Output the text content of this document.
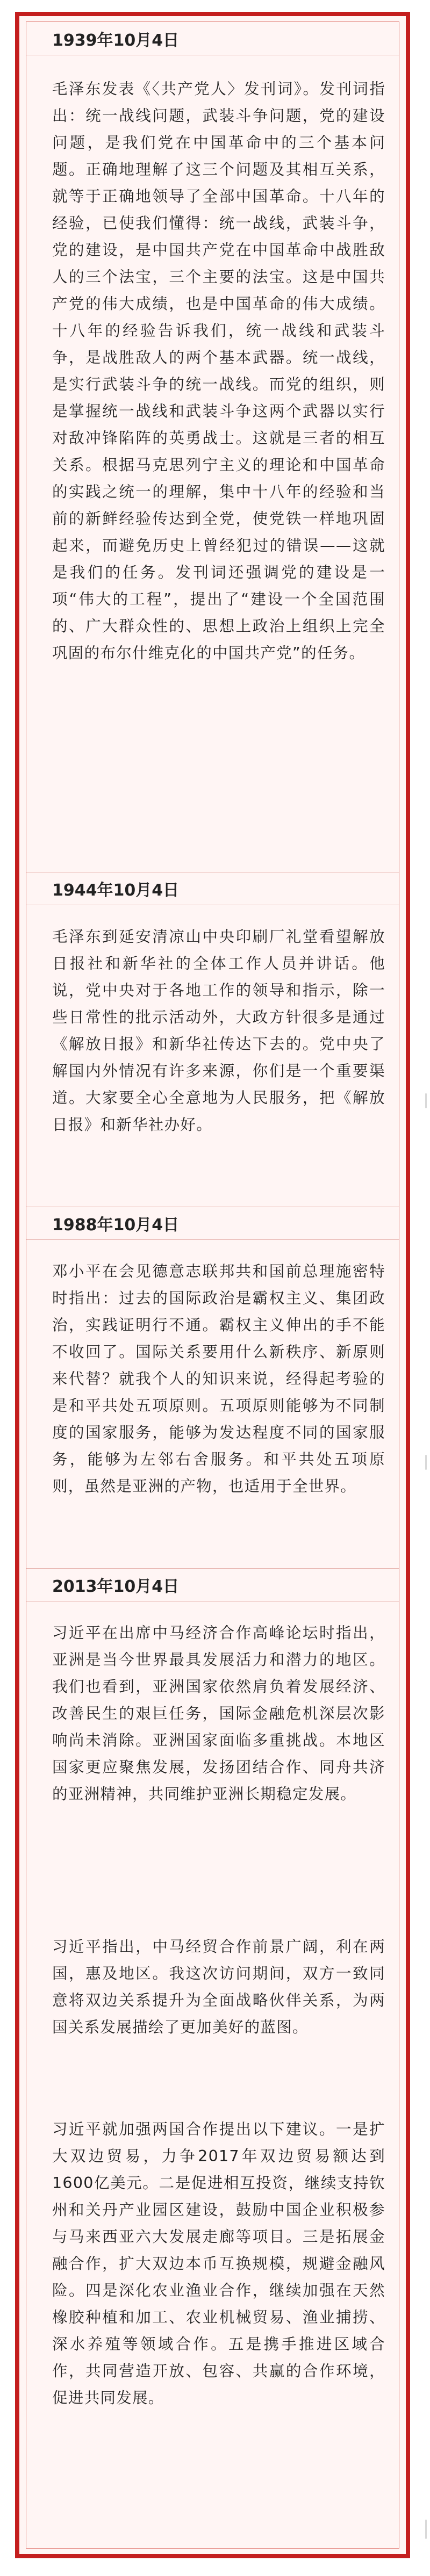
1939年10月4日

毛泽东发表《〈共产党人〉发刊词》。发刊词指出：统一战线问题，武装斗争问题，党的建设问题，是我们党在中国革命中的三个基本问题。正确地理解了这三个问题及其相互关系，就等于正确地领导了全部中国革命。十八年的经验，已使我们懂得：统一战线，武装斗争，党的建设，是中国共产党在中国革命中战胜敌人的三个法宝，三个主要的法宝。这是中国共产党的伟大成绩，也是中国革命的伟大成绩。十八年的经验告诉我们，统一战线和武装斗争，是战胜敌人的两个基本武器。统一战线，是实行武装斗争的统一战线。而党的组织，则是掌握统一战线和武装斗争这两个武器以实行对敌冲锋陷阵的英勇战士。这就是三者的相互关系。根据马克思列宁主义的理论和中国革命的实践之统一的理解，集中十八年的经验和当前的新鲜经验传达到全党，使党铁一样地巩固起来，而避免历史上曾经犯过的错误——这就是我们的任务。发刊词还强调党的建设是一项“伟大的工程”，提出了“建设一个全国范围的、广大群众性的、思想上政治上组织上完全巩固的布尔什维克化的中国共产党”的任务。

1944年10月4日

毛泽东到延安清凉山中央印刷厂礼堂看望解放日报社和新华社的全体工作人员并讲话。他说，党中央对于各地工作的领导和指示，除一些日常性的批示活动外，大政方针很多是通过《解放日报》和新华社传达下去的。党中央了解国内外情况有许多来源，你们是一个重要渠道。大家要全心全意地为人民服务，把《解放日报》和新华社办好。

1988年10月4日

邓小平在会见德意志联邦共和国前总理施密特时指出：过去的国际政治是霸权主义、集团政治，实践证明行不通。霸权主义伸出的手不能不收回了。国际关系要用什么新秩序、新原则来代替？就我个人的知识来说，经得起考验的是和平共处五项原则。五项原则能够为不同制度的国家服务，能够为发达程度不同的国家服务，能够为左邻右舍服务。和平共处五项原则，虽然是亚洲的产物，也适用于全世界。

2013年10月4日

习近平在出席中马经济合作高峰论坛时指出，亚洲是当今世界最具发展活力和潜力的地区。我们也看到，亚洲国家依然肩负着发展经济、改善民生的艰巨任务，国际金融危机深层次影响尚未消除。亚洲国家面临多重挑战。本地区国家更应聚焦发展，发扬团结合作、同舟共济的亚洲精神，共同维护亚洲长期稳定发展。

习近平指出，中马经贸合作前景广阔，利在两国，惠及地区。我这次访问期间，双方一致同意将双边关系提升为全面战略伙伴关系，为两国关系发展描绘了更加美好的蓝图。

习近平就加强两国合作提出以下建议。一是扩大双边贸易，力争2017年双边贸易额达到1600亿美元。二是促进相互投资，继续支持钦州和关丹产业园区建设，鼓励中国企业积极参与马来西亚六大发展走廊等项目。三是拓展金融合作，扩大双边本币互换规模，规避金融风险。四是深化农业渔业合作，继续加强在天然橡胶种植和加工、农业机械贸易、渔业捕捞、深水养殖等领域合作。五是携手推进区域合作，共同营造开放、包容、共赢的合作环境，促进共同发展。
